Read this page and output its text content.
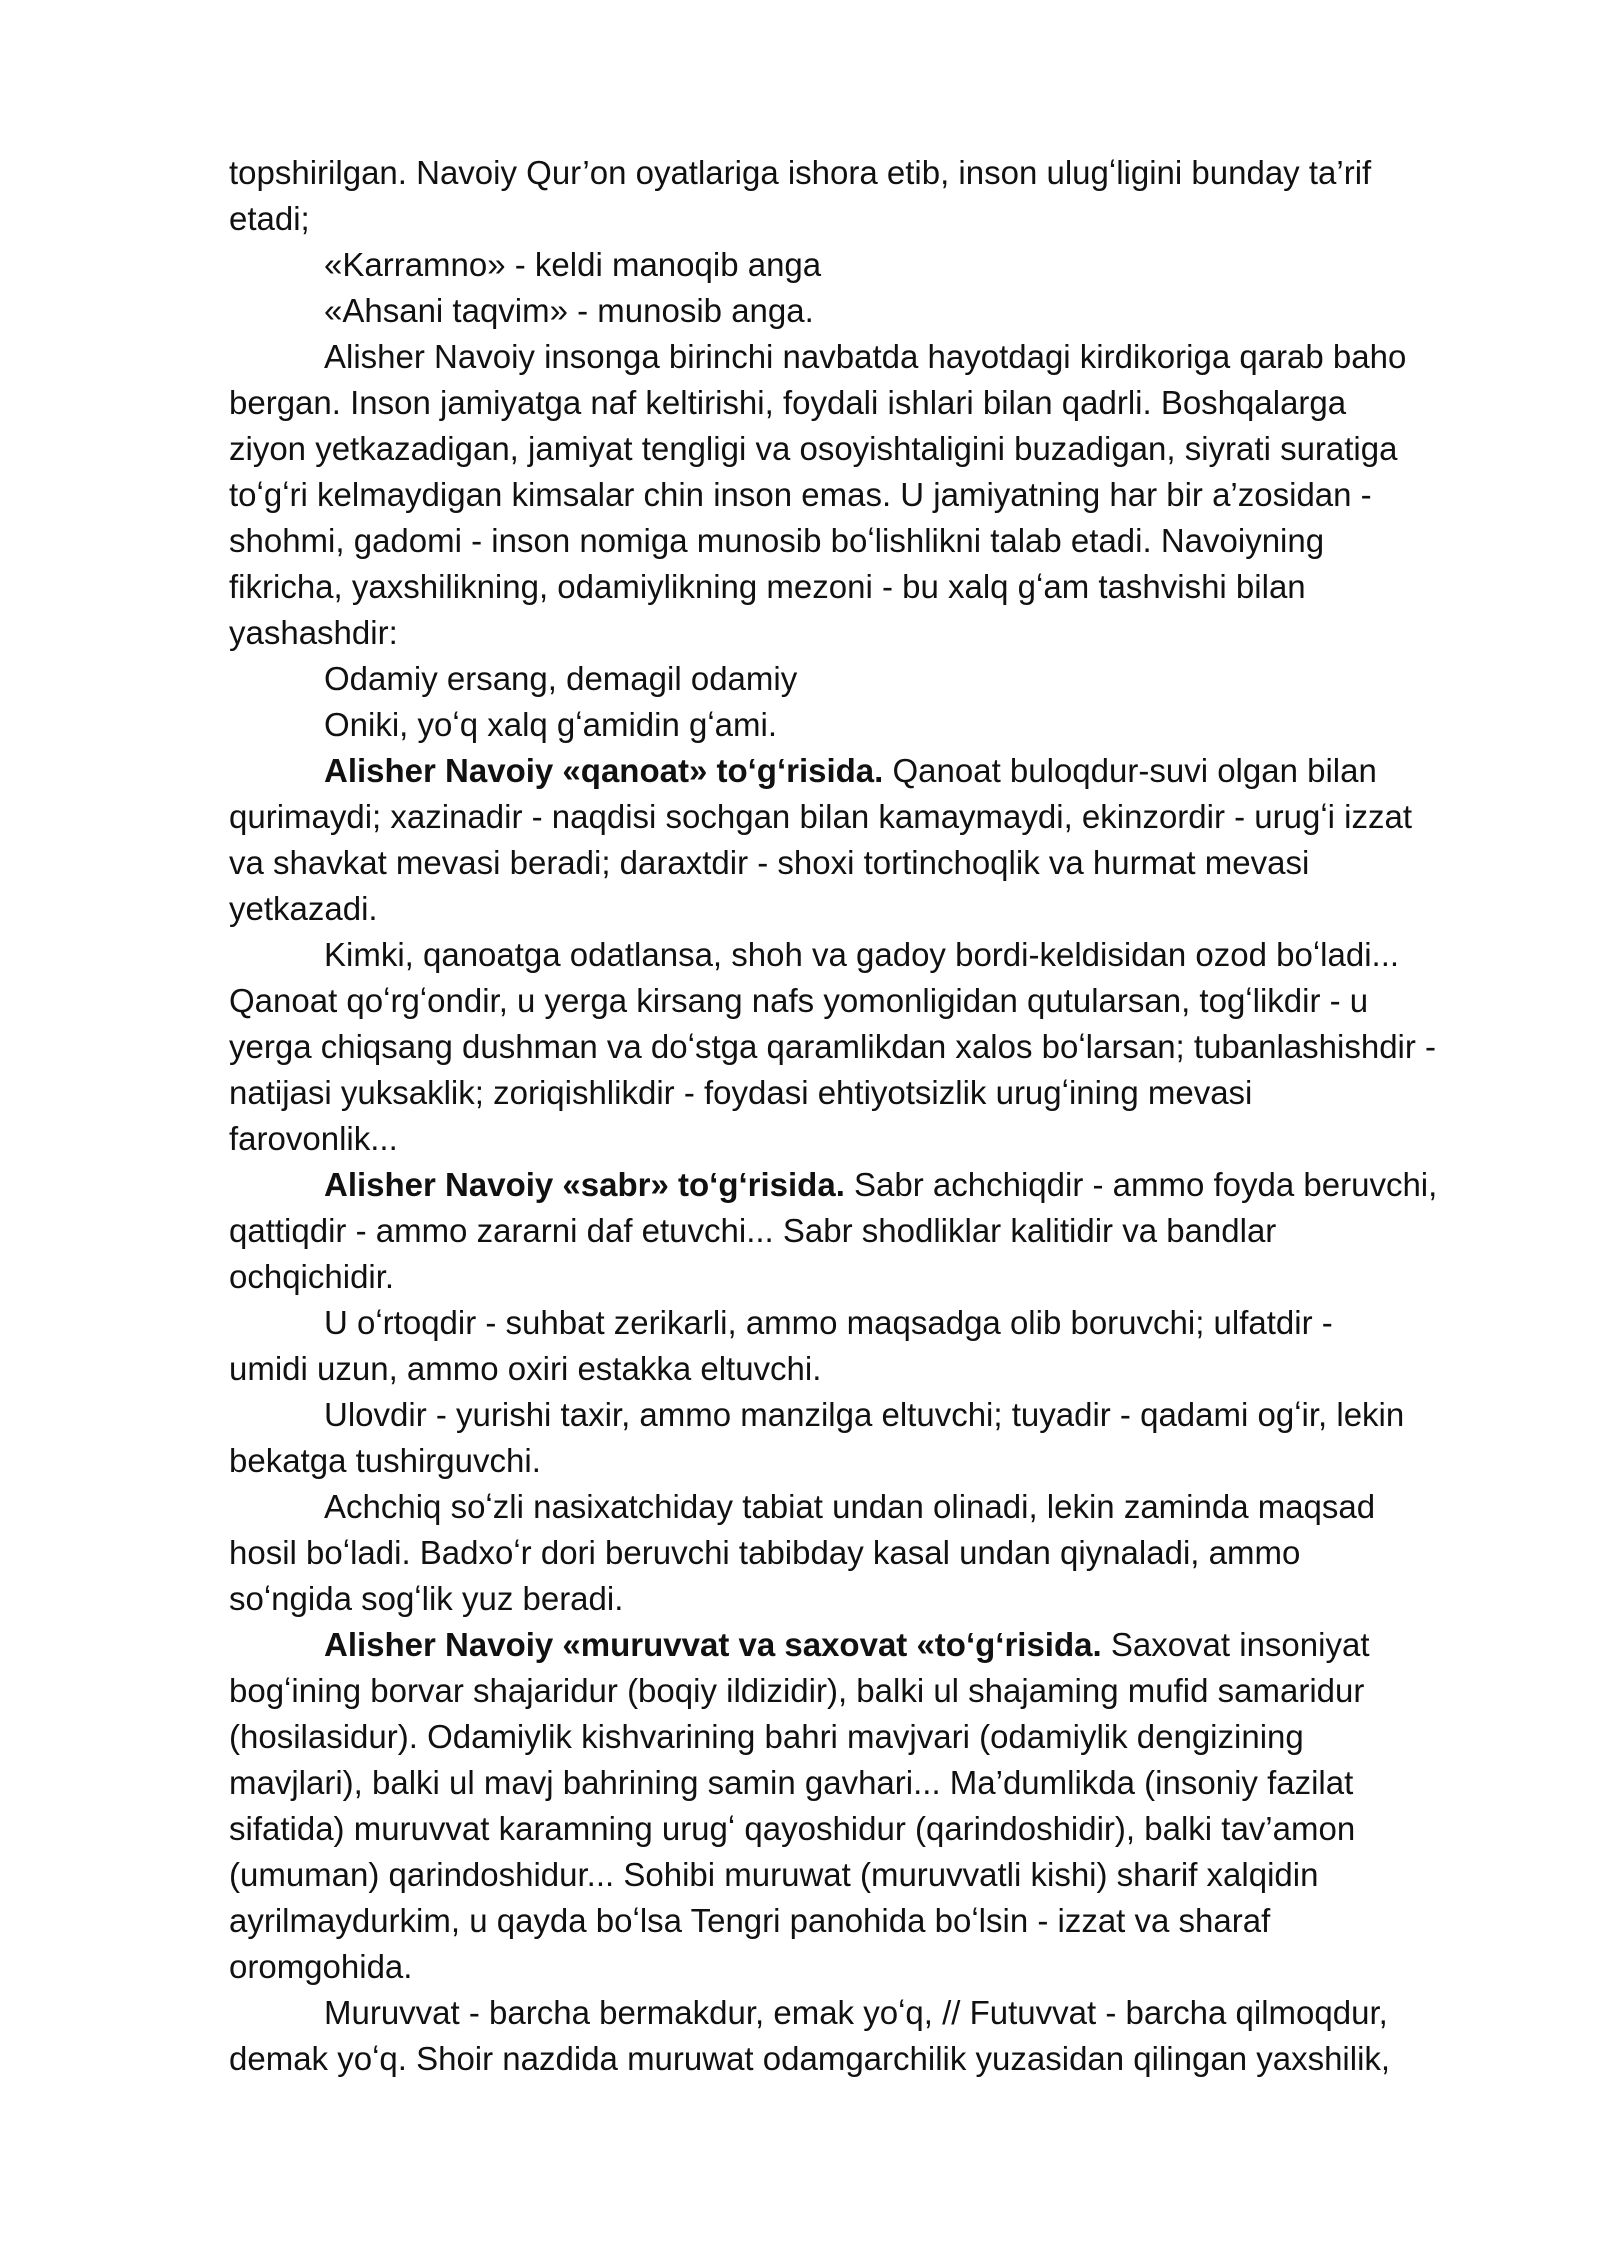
topshirilgan. Navoiy Qur’on oyatlariga ishora etib, inson ulugʻligini bunday ta’rif
etadi;
«Karramno» - keldi manoqib anga
«Ahsani taqvim» - munosib anga.
Alisher Navoiy insonga birinchi navbatda hayotdagi kirdikoriga qarab baho
bergan. Inson jamiyatga naf keltirishi, foydali ishlari bilan qadrli. Boshqalarga
ziyon yetkazadigan, jamiyat tengligi va osoyishtaligini buzadigan, siyrati suratiga
toʻgʻri kelmaydigan kimsalar chin inson emas. U jamiyatning har bir a’zosidan -
shohmi, gadomi - inson nomiga munosib boʻlishlikni talab etadi. Navoiyning
fikricha, yaxshilikning, odamiylikning mezoni - bu xalq gʻam tashvishi bilan
yashashdir:
Odamiy ersang, demagil odamiy
Oniki, yoʻq xalq gʻamidin gʻami.
Alisher Navoiy «qanoat» toʻgʻrisida. Qanoat buloqdur-suvi olgan bilan
qurimaydi; xazinadir - naqdisi sochgan bilan kamaymaydi, ekinzordir - urugʻi izzat
va shavkat mevasi beradi; daraxtdir - shoxi tortinchoqlik va hurmat mevasi
yetkazadi.
Kimki, qanoatga odatlansa, shoh va gadoy bordi-keldisidan ozod boʻladi...
Qanoat qoʻrgʻondir, u yerga kirsang nafs yomonligidan qutularsan, togʻlikdir - u
yerga chiqsang dushman va doʻstga qaramlikdan xalos boʻlarsan; tubanlashishdir -
natijasi yuksaklik; zoriqishlikdir - foydasi ehtiyotsizlik urugʻining mevasi
farovonlik...
Alisher Navoiy «sabr» toʻgʻrisida. Sabr achchiqdir - ammo foyda beruvchi,
qattiqdir - ammo zararni daf etuvchi... Sabr shodliklar kalitidir va bandlar
ochqichidir.
U oʻrtoqdir - suhbat zerikarli, ammo maqsadga olib boruvchi; ulfatdir -
umidi uzun, ammo oxiri estakka eltuvchi.
Ulovdir - yurishi taxir, ammo manzilga eltuvchi; tuyadir - qadami ogʻir, lekin
bekatga tushirguvchi.
Achchiq soʻzli nasixatchiday tabiat undan olinadi, lekin zaminda maqsad
hosil boʻladi. Badxoʻr dori beruvchi tabibday kasal undan qiynaladi, ammo
soʻngida sogʻlik yuz beradi.
Alisher Navoiy «muruvvat va saxovat «toʻgʻrisida. Saxovat insoniyat
bogʻining borvar shajaridur (boqiy ildizidir), balki ul shajaming mufid samaridur
(hosilasidur). Odamiylik kishvarining bahri mavjvari (odamiylik dengizining
mavjlari), balki ul mavj bahrining samin gavhari... Ma’dumlikda (insoniy fazilat
sifatida) muruvvat karamning urugʻ qayoshidur (qarindoshidir), balki tav’amon
(umuman) qarindoshidur... Sohibi muruwat (muruvvatli kishi) sharif xalqidin
ayrilmaydurkim, u qayda boʻlsa Tengri panohida boʻlsin - izzat va sharaf
oromgohida.
Muruvvat - barcha bermakdur, emak yoʻq, // Futuvvat - barcha qilmoqdur,
demak yoʻq. Shoir nazdida muruwat odamgarchilik yuzasidan qilingan yaxshilik,
